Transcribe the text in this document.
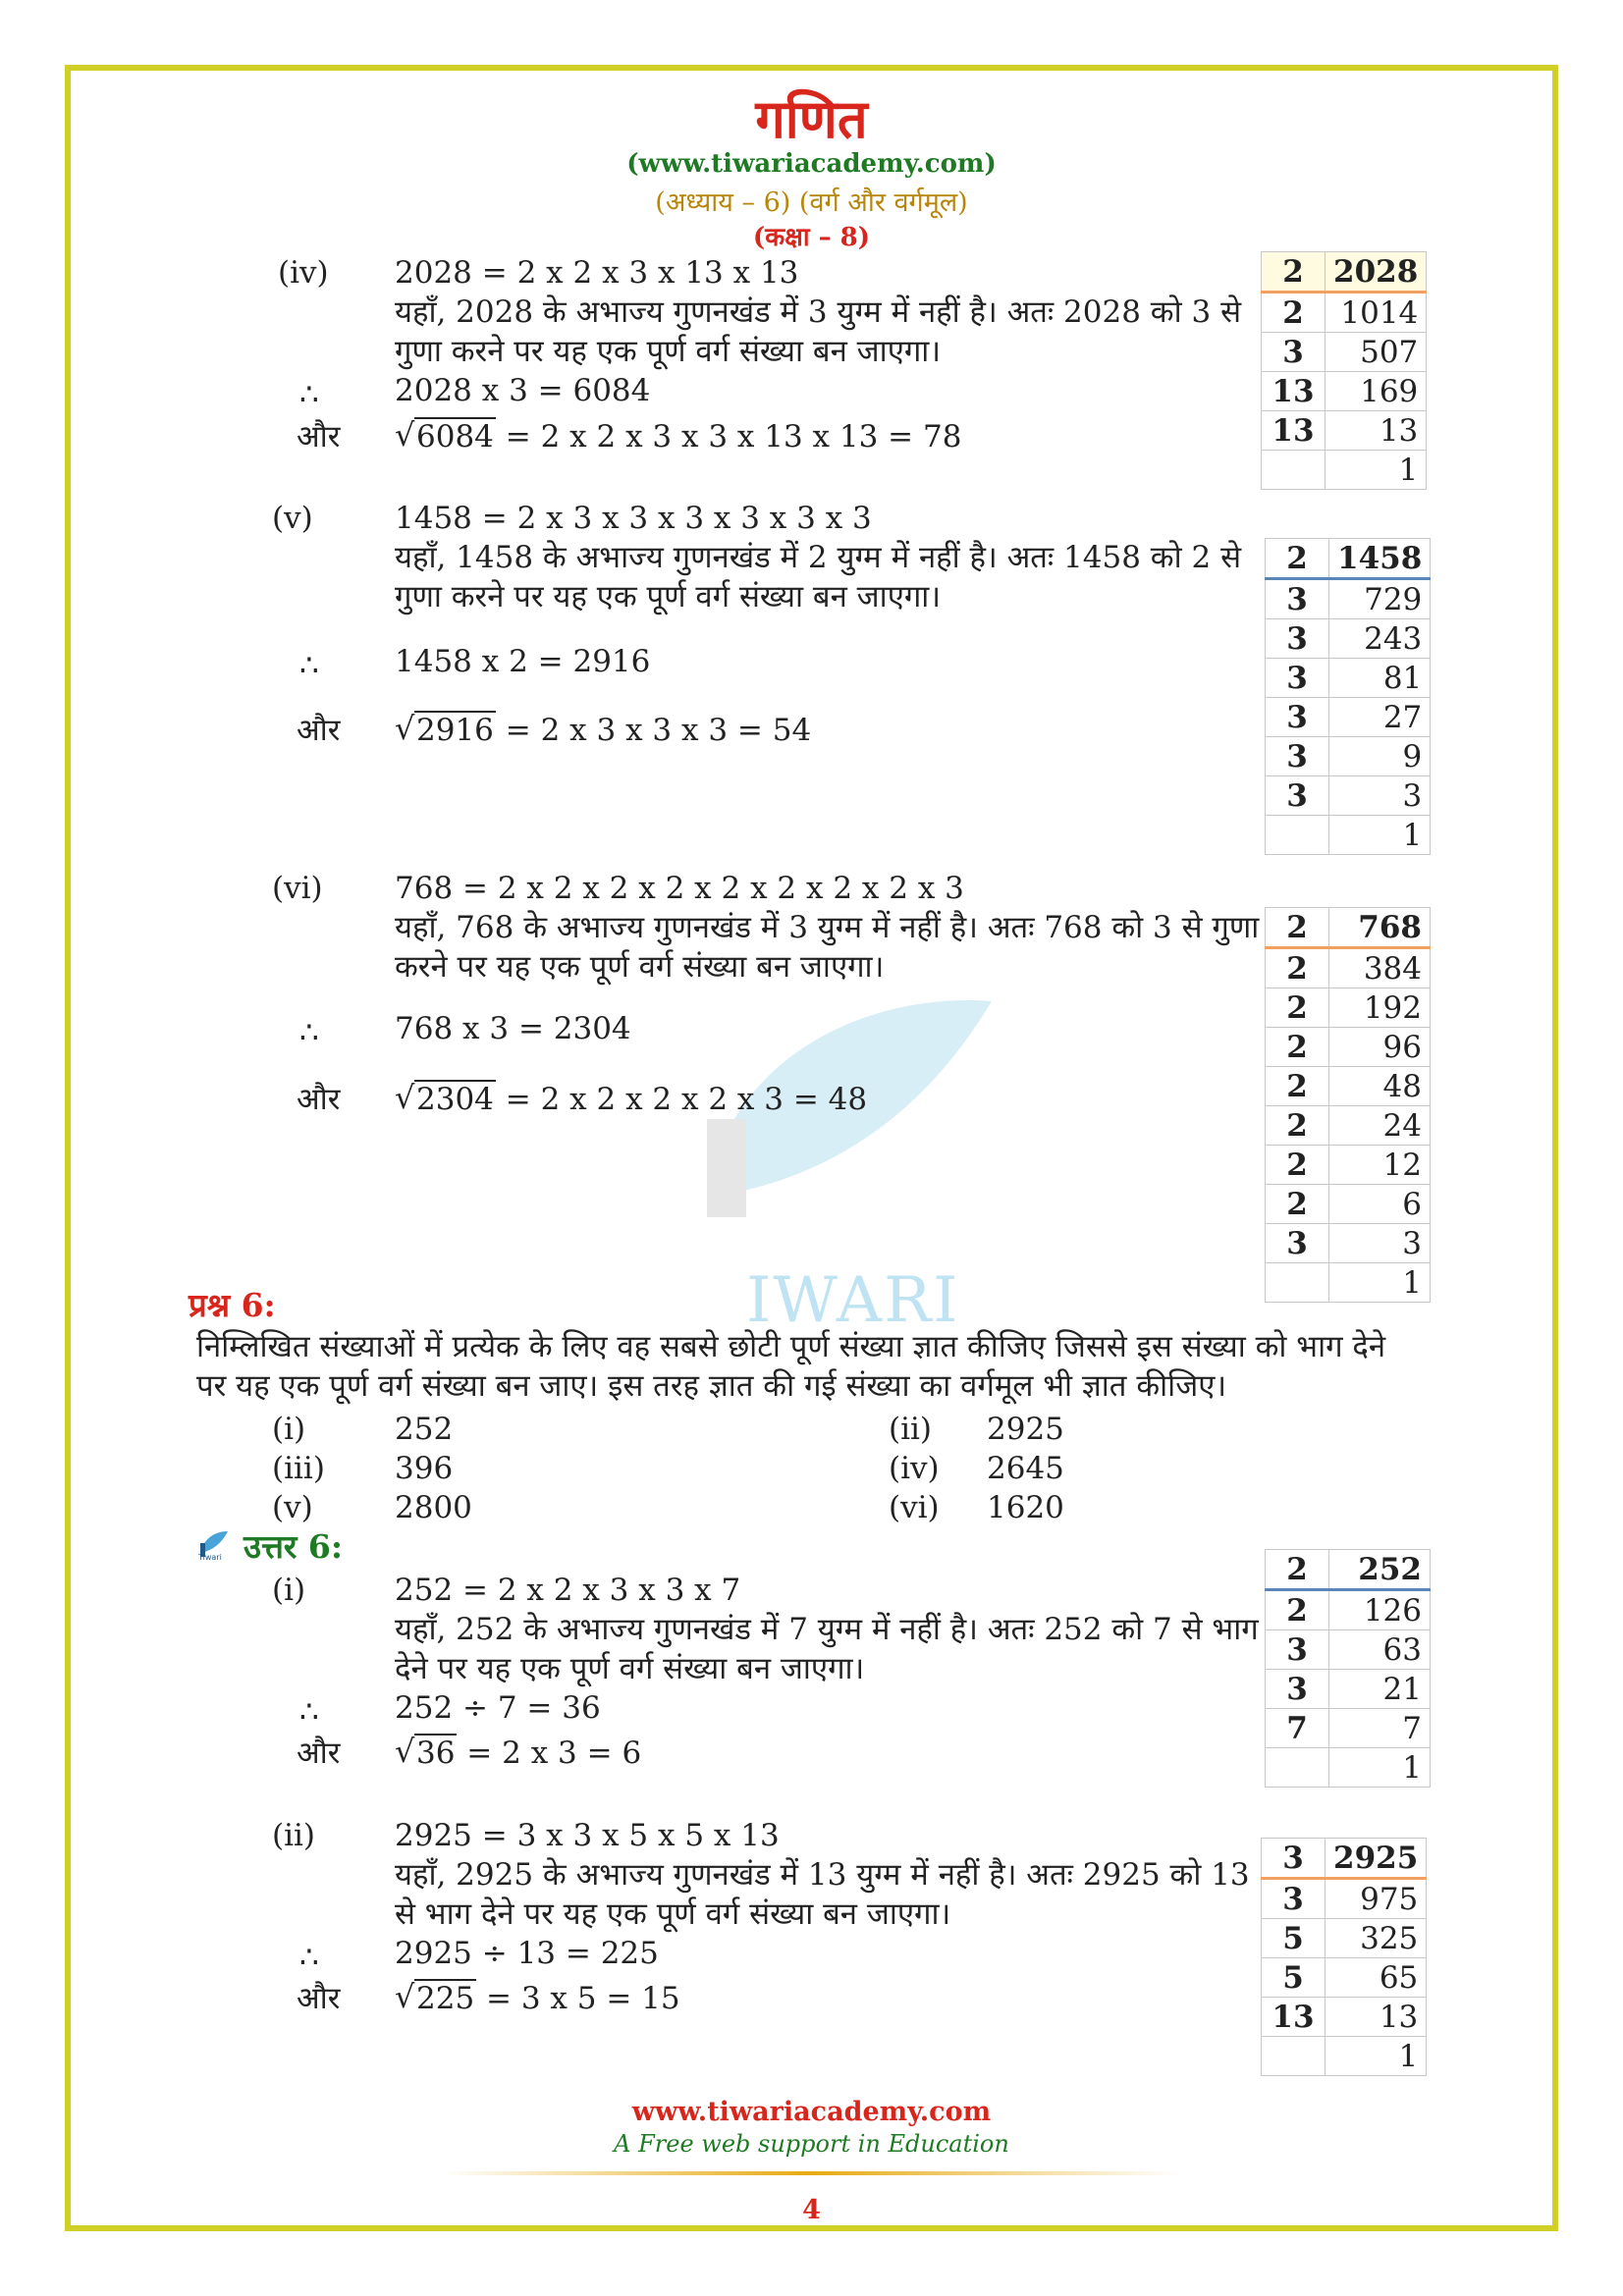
IWARI
गणित
(www.tiwariacademy.com)
(अध्याय – 6) (वर्ग और वर्गमूल)
(कक्षा – 8)
(iv) 2028 = 2 x 2 x 3 x 13 x 13
यहाँ, 2028 के अभाज्य गुणनखंड में 3 युग्म में नहीं है। अतः 2028 को 3 से
गुणा करने पर यह एक पूर्ण वर्ग संख्या बन जाएगा।
∴ 2028 x 3 = 6084
और	√ 6084 = 2 x 2 x 3 x 3 x 13 x 13 = 78
2	2028
2	1014
3	507
13	169
13	13
	1
(v)	1458 = 2 x 3 x 3 x 3 x 3 x 3 x 3
यहाँ, 1458 के अभाज्य गुणनखंड में 2 युग्म में नहीं है। अतः 1458 को 2 से
गुणा करने पर यह एक पूर्ण वर्ग संख्या बन जाएगा।
∴ 1458 x 2 = 2916
और	√ 2916 = 2 x 3 x 3 x 3 = 54
2	1458
3	729
3	243
3	81
3	27
3	9
3	3
	1
(vi) 768 = 2 x 2 x 2 x 2 x 2 x 2 x 2 x 2 x 3
यहाँ, 768 के अभाज्य गुणनखंड में 3 युग्म में नहीं है। अतः 768 को 3 से गुणा
करने पर यह एक पूर्ण वर्ग संख्या बन जाएगा।
∴ 768 x 3 = 2304
और	√ 2304 = 2 x 2 x 2 x 2 x 3 = 48
2	768
2	384
2	192
2	96
2	48
2	24
2	12
2	6
3	3
	1
प्रश्न 6:
निम्लिखित संख्याओं में प्रत्येक के लिए वह सबसे छोटी पूर्ण संख्या ज्ञात कीजिए जिससे इस संख्या को भाग देने
पर यह एक पूर्ण वर्ग संख्या बन जाए। इस तरह ज्ञात की गई संख्या का वर्गमूल भी ज्ञात कीजिए।
(i)	252	(ii) 2925
(iii) 396	(iv) 2645
(v)	2800	(vi) 1620
Tiwari उत्तर 6:
(i)	252 = 2 x 2 x 3 x 3 x 7
यहाँ, 252 के अभाज्य गुणनखंड में 7 युग्म में नहीं है। अतः 252 को 7 से भाग
देने पर यह एक पूर्ण वर्ग संख्या बन जाएगा।
∴ 252 ÷ 7 = 36
और	√ 36 = 2 x 3 = 6
2	252
2	126
3	63
3	21
7	7
	1
(ii)	2925 = 3 x 3 x 5 x 5 x 13
यहाँ, 2925 के अभाज्य गुणनखंड में 13 युग्म में नहीं है। अतः 2925 को 13
से भाग देने पर यह एक पूर्ण वर्ग संख्या बन जाएगा।
∴ 2925 ÷ 13 = 225
और	√ 225 = 3 x 5 = 15
3	2925
3	975
5	325
5	65
13	13
	1
www.tiwariacademy.com
A Free web support in Education
4
